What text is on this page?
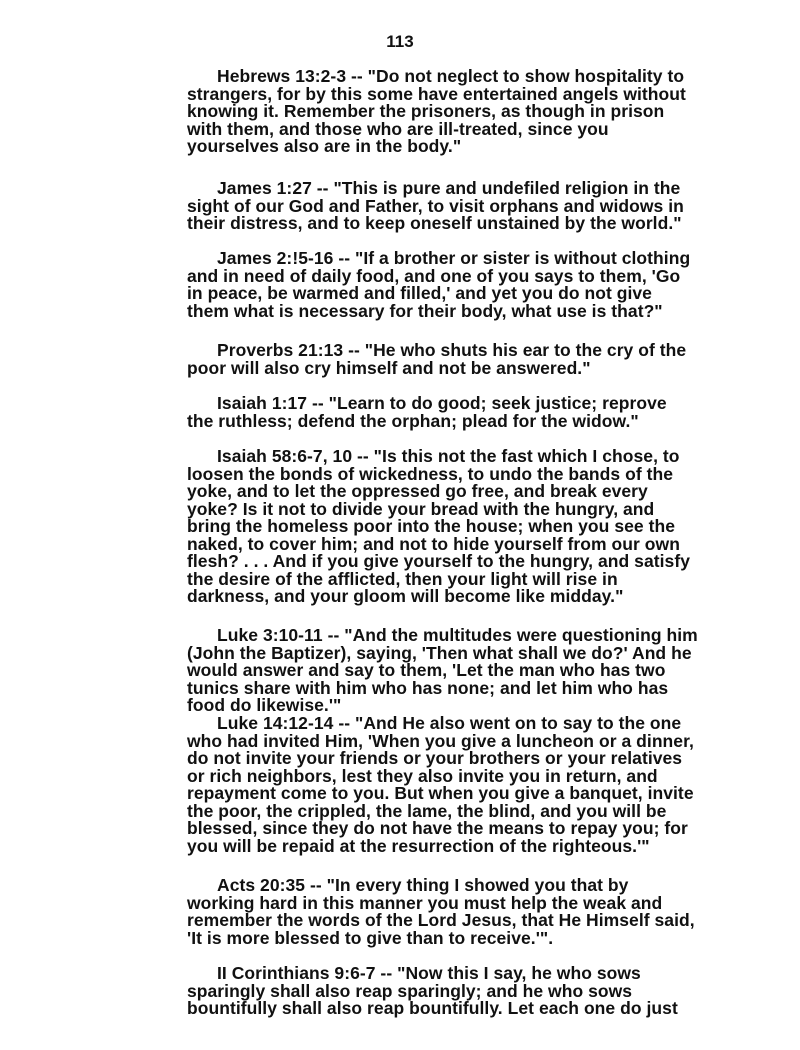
113

Hebrews 13:2-3 -- "Do not neglect to show hospitality to
strangers, for by this some have entertained angels without
knowing it. Remember the prisoners, as though in prison
with them, and those who are ill-treated, since you
yourselves also are in the body."

James 1:27 -- "This is pure and undefiled religion in the
sight of our God and Father, to visit orphans and widows in
their distress, and to keep oneself unstained by the world."

James 2:!5-16 -- "If a brother or sister is without clothing
and in need of daily food, and one of you says to them, 'Go
in peace, be warmed and filled,' and yet you do not give
them what is necessary for their body, what use is that?"

Proverbs 21:13 -- "He who shuts his ear to the cry of the
poor will also cry himself and not be answered."

Isaiah 1:17 -- "Learn to do good; seek justice; reprove
the ruthless; defend the orphan; plead for the widow."

Isaiah 58:6-7, 10 -- "Is this not the fast which I chose, to
loosen the bonds of wickedness, to undo the bands of the
yoke, and to let the oppressed go free, and break every
yoke? Is it not to divide your bread with the hungry, and
bring the homeless poor into the house; when you see the
naked, to cover him; and not to hide yourself from our own
flesh? . . . And if you give yourself to the hungry, and satisfy
the desire of the afflicted, then your light will rise in
darkness, and your gloom will become like midday."

Luke 3:10-11 -- "And the multitudes were questioning him
(John the Baptizer), saying, 'Then what shall we do?' And he
would answer and say to them, 'Let the man who has two
tunics share with him who has none; and let him who has
food do likewise.'"

Luke 14:12-14 -- "And He also went on to say to the one
who had invited Him, 'When you give a luncheon or a dinner,
do not invite your friends or your brothers or your relatives
or rich neighbors, lest they also invite you in return, and
repayment come to you. But when you give a banquet, invite
the poor, the crippled, the lame, the blind, and you will be
blessed, since they do not have the means to repay you; for
you will be repaid at the resurrection of the righteous.'"

Acts 20:35 -- "In every thing I showed you that by
working hard in this manner you must help the weak and
remember the words of the Lord Jesus, that He Himself said,
'It is more blessed to give than to receive.'".

II Corinthians 9:6-7 -- "Now this I say, he who sows
sparingly shall also reap sparingly; and he who sows
bountifully shall also reap bountifully. Let each one do just
